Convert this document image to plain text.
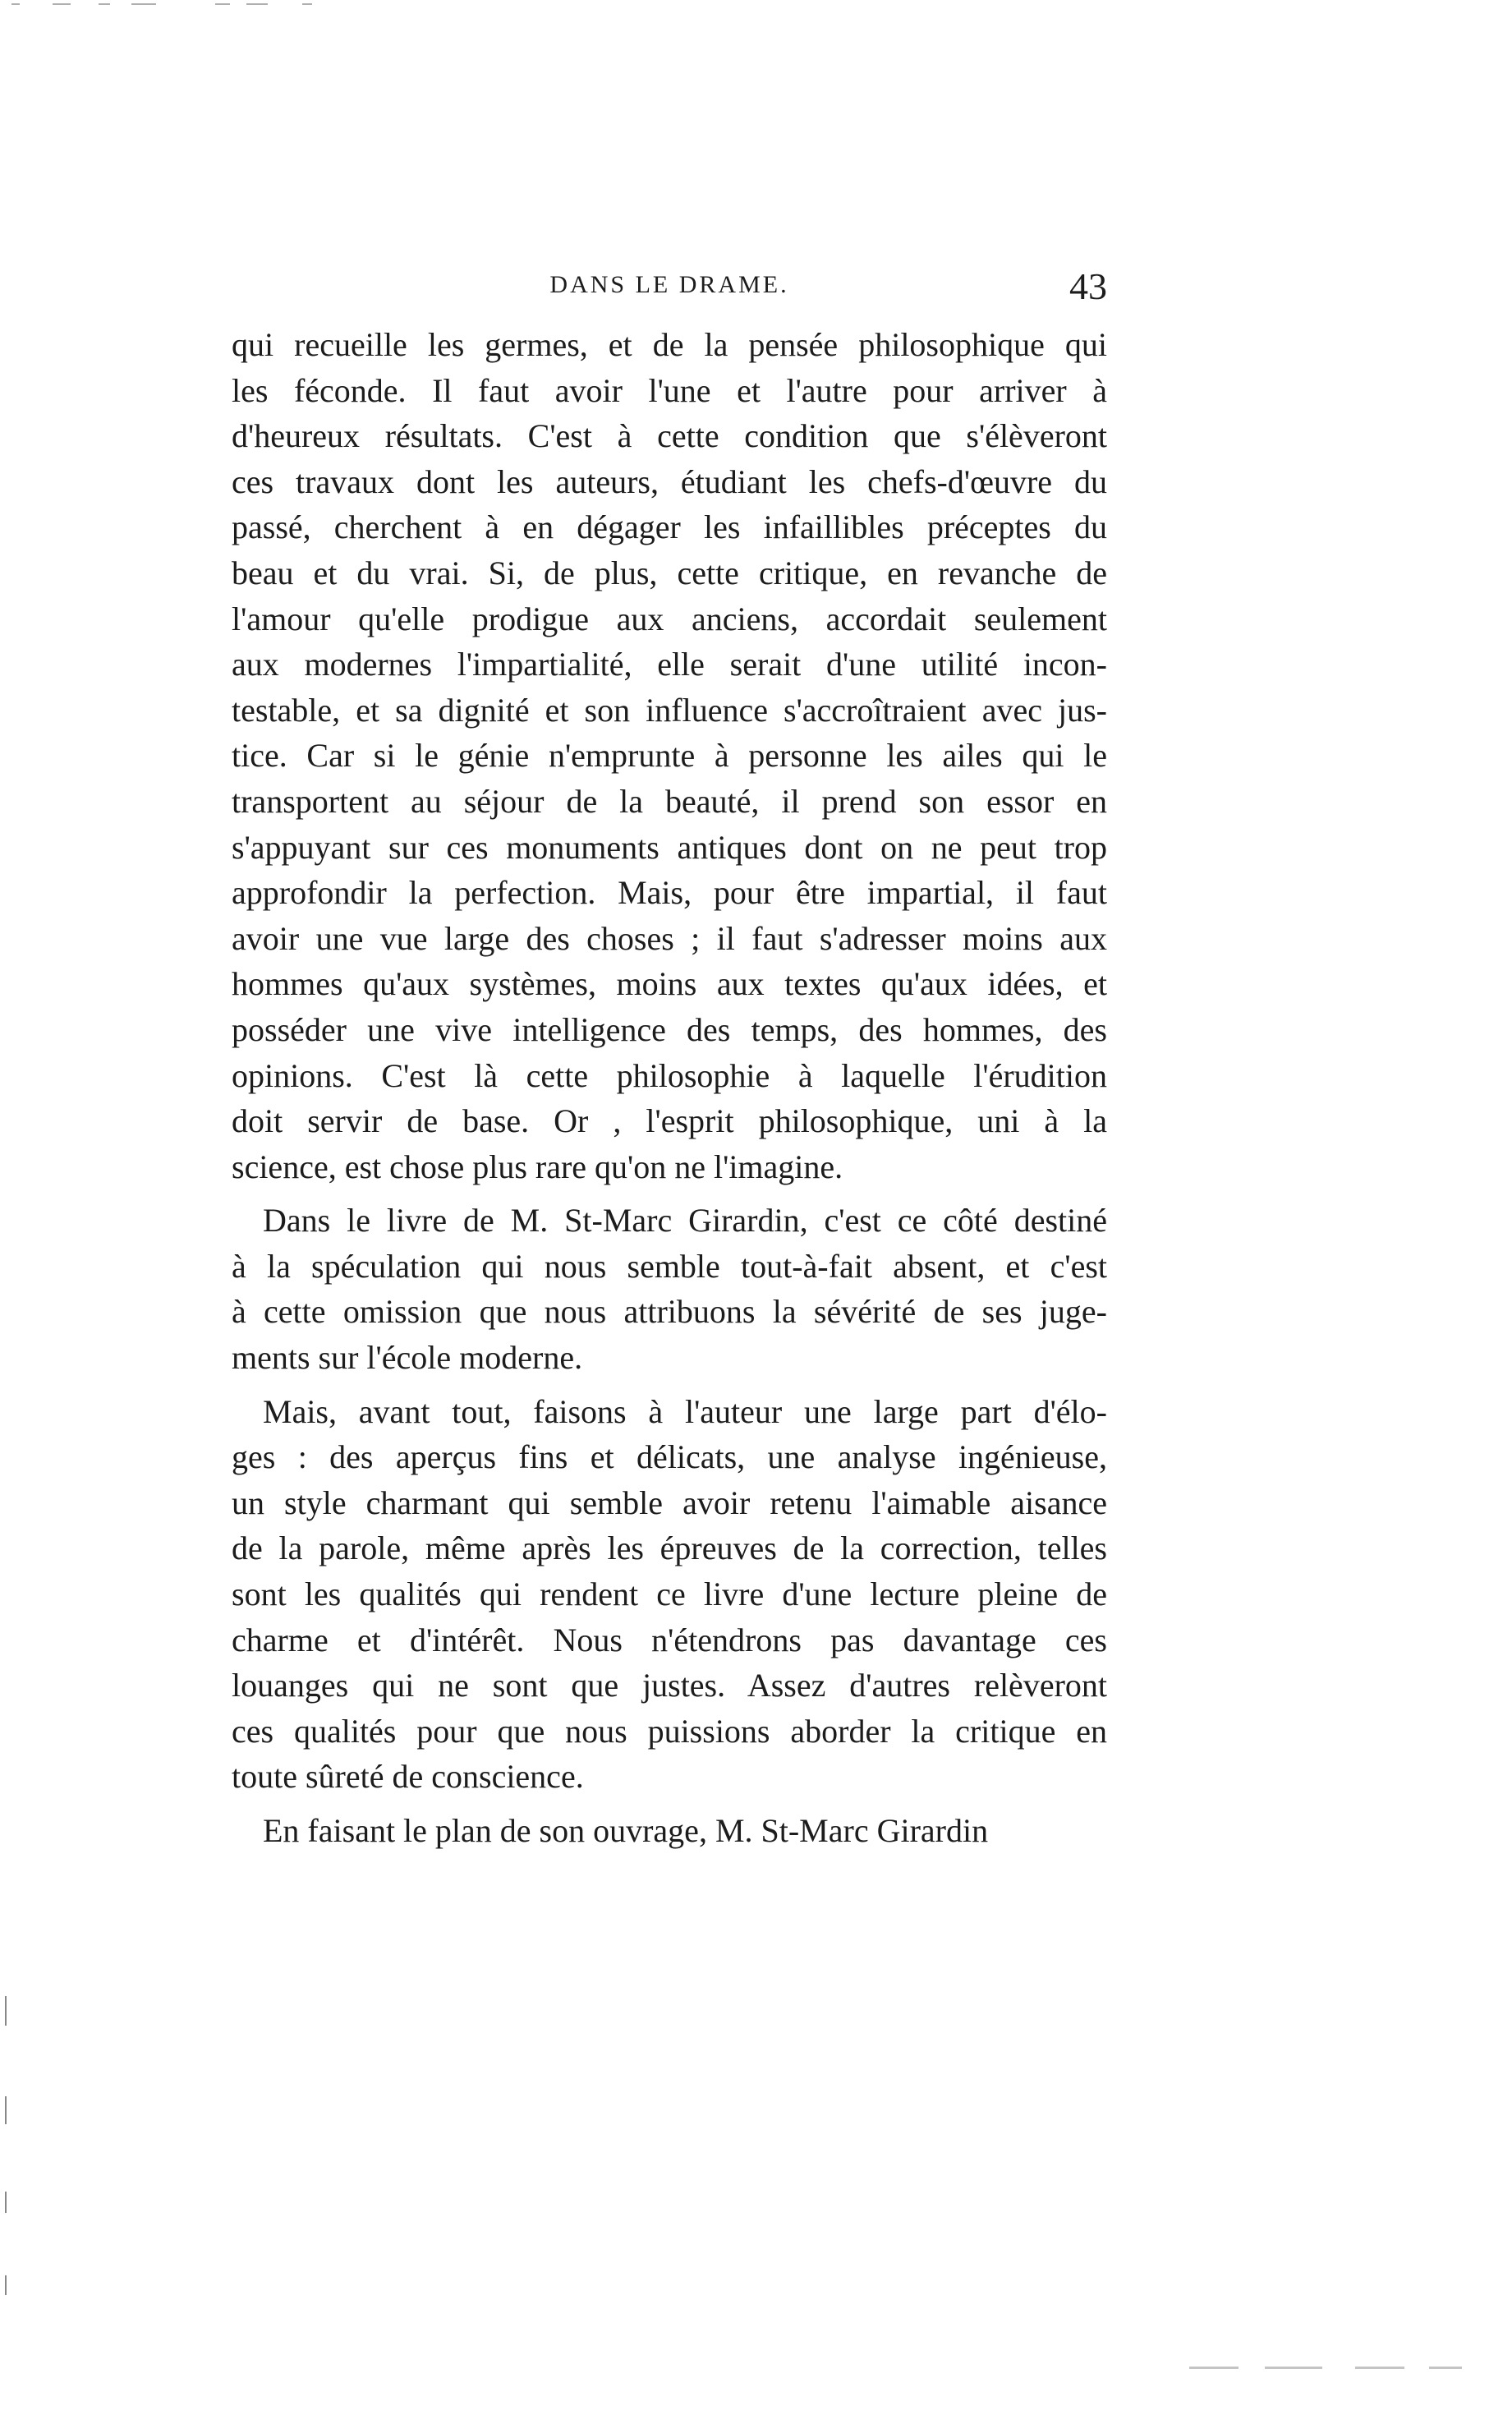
DANS LE DRAME.	43
qui recueille les germes, et de la pensée philosophique qui
les féconde. Il faut avoir l'une et l'autre pour arriver à
d'heureux résultats. C'est à cette condition que s'élèveront
ces travaux dont les auteurs, étudiant les chefs-d'œuvre du
passé, cherchent à en dégager les infaillibles préceptes du
beau et du vrai. Si, de plus, cette critique, en revanche de
l'amour qu'elle prodigue aux anciens, accordait seulement
aux modernes l'impartialité, elle serait d'une utilité incon-
testable, et sa dignité et son influence s'accroîtraient avec jus-
tice. Car si le génie n'emprunte à personne les ailes qui le
transportent au séjour de la beauté, il prend son essor en
s'appuyant sur ces monuments antiques dont on ne peut trop
approfondir la perfection. Mais, pour être impartial, il faut
avoir une vue large des choses ; il faut s'adresser moins aux
hommes qu'aux systèmes, moins aux textes qu'aux idées, et
posséder une vive intelligence des temps, des hommes, des
opinions. C'est là cette philosophie à laquelle l'érudition
doit servir de base. Or , l'esprit philosophique, uni à la
science, est chose plus rare qu'on ne l'imagine.
Dans le livre de M. St-Marc Girardin, c'est ce côté destiné
à la spéculation qui nous semble tout-à-fait absent, et c'est
à cette omission que nous attribuons la sévérité de ses juge-
ments sur l'école moderne.
Mais, avant tout, faisons à l'auteur une large part d'élo-
ges : des aperçus fins et délicats, une analyse ingénieuse,
un style charmant qui semble avoir retenu l'aimable aisance
de la parole, même après les épreuves de la correction, telles
sont les qualités qui rendent ce livre d'une lecture pleine de
charme et d'intérêt. Nous n'étendrons pas davantage ces
louanges qui ne sont que justes. Assez d'autres relèveront
ces qualités pour que nous puissions aborder la critique en
toute sûreté de conscience.
En faisant le plan de son ouvrage, M. St-Marc Girardin
